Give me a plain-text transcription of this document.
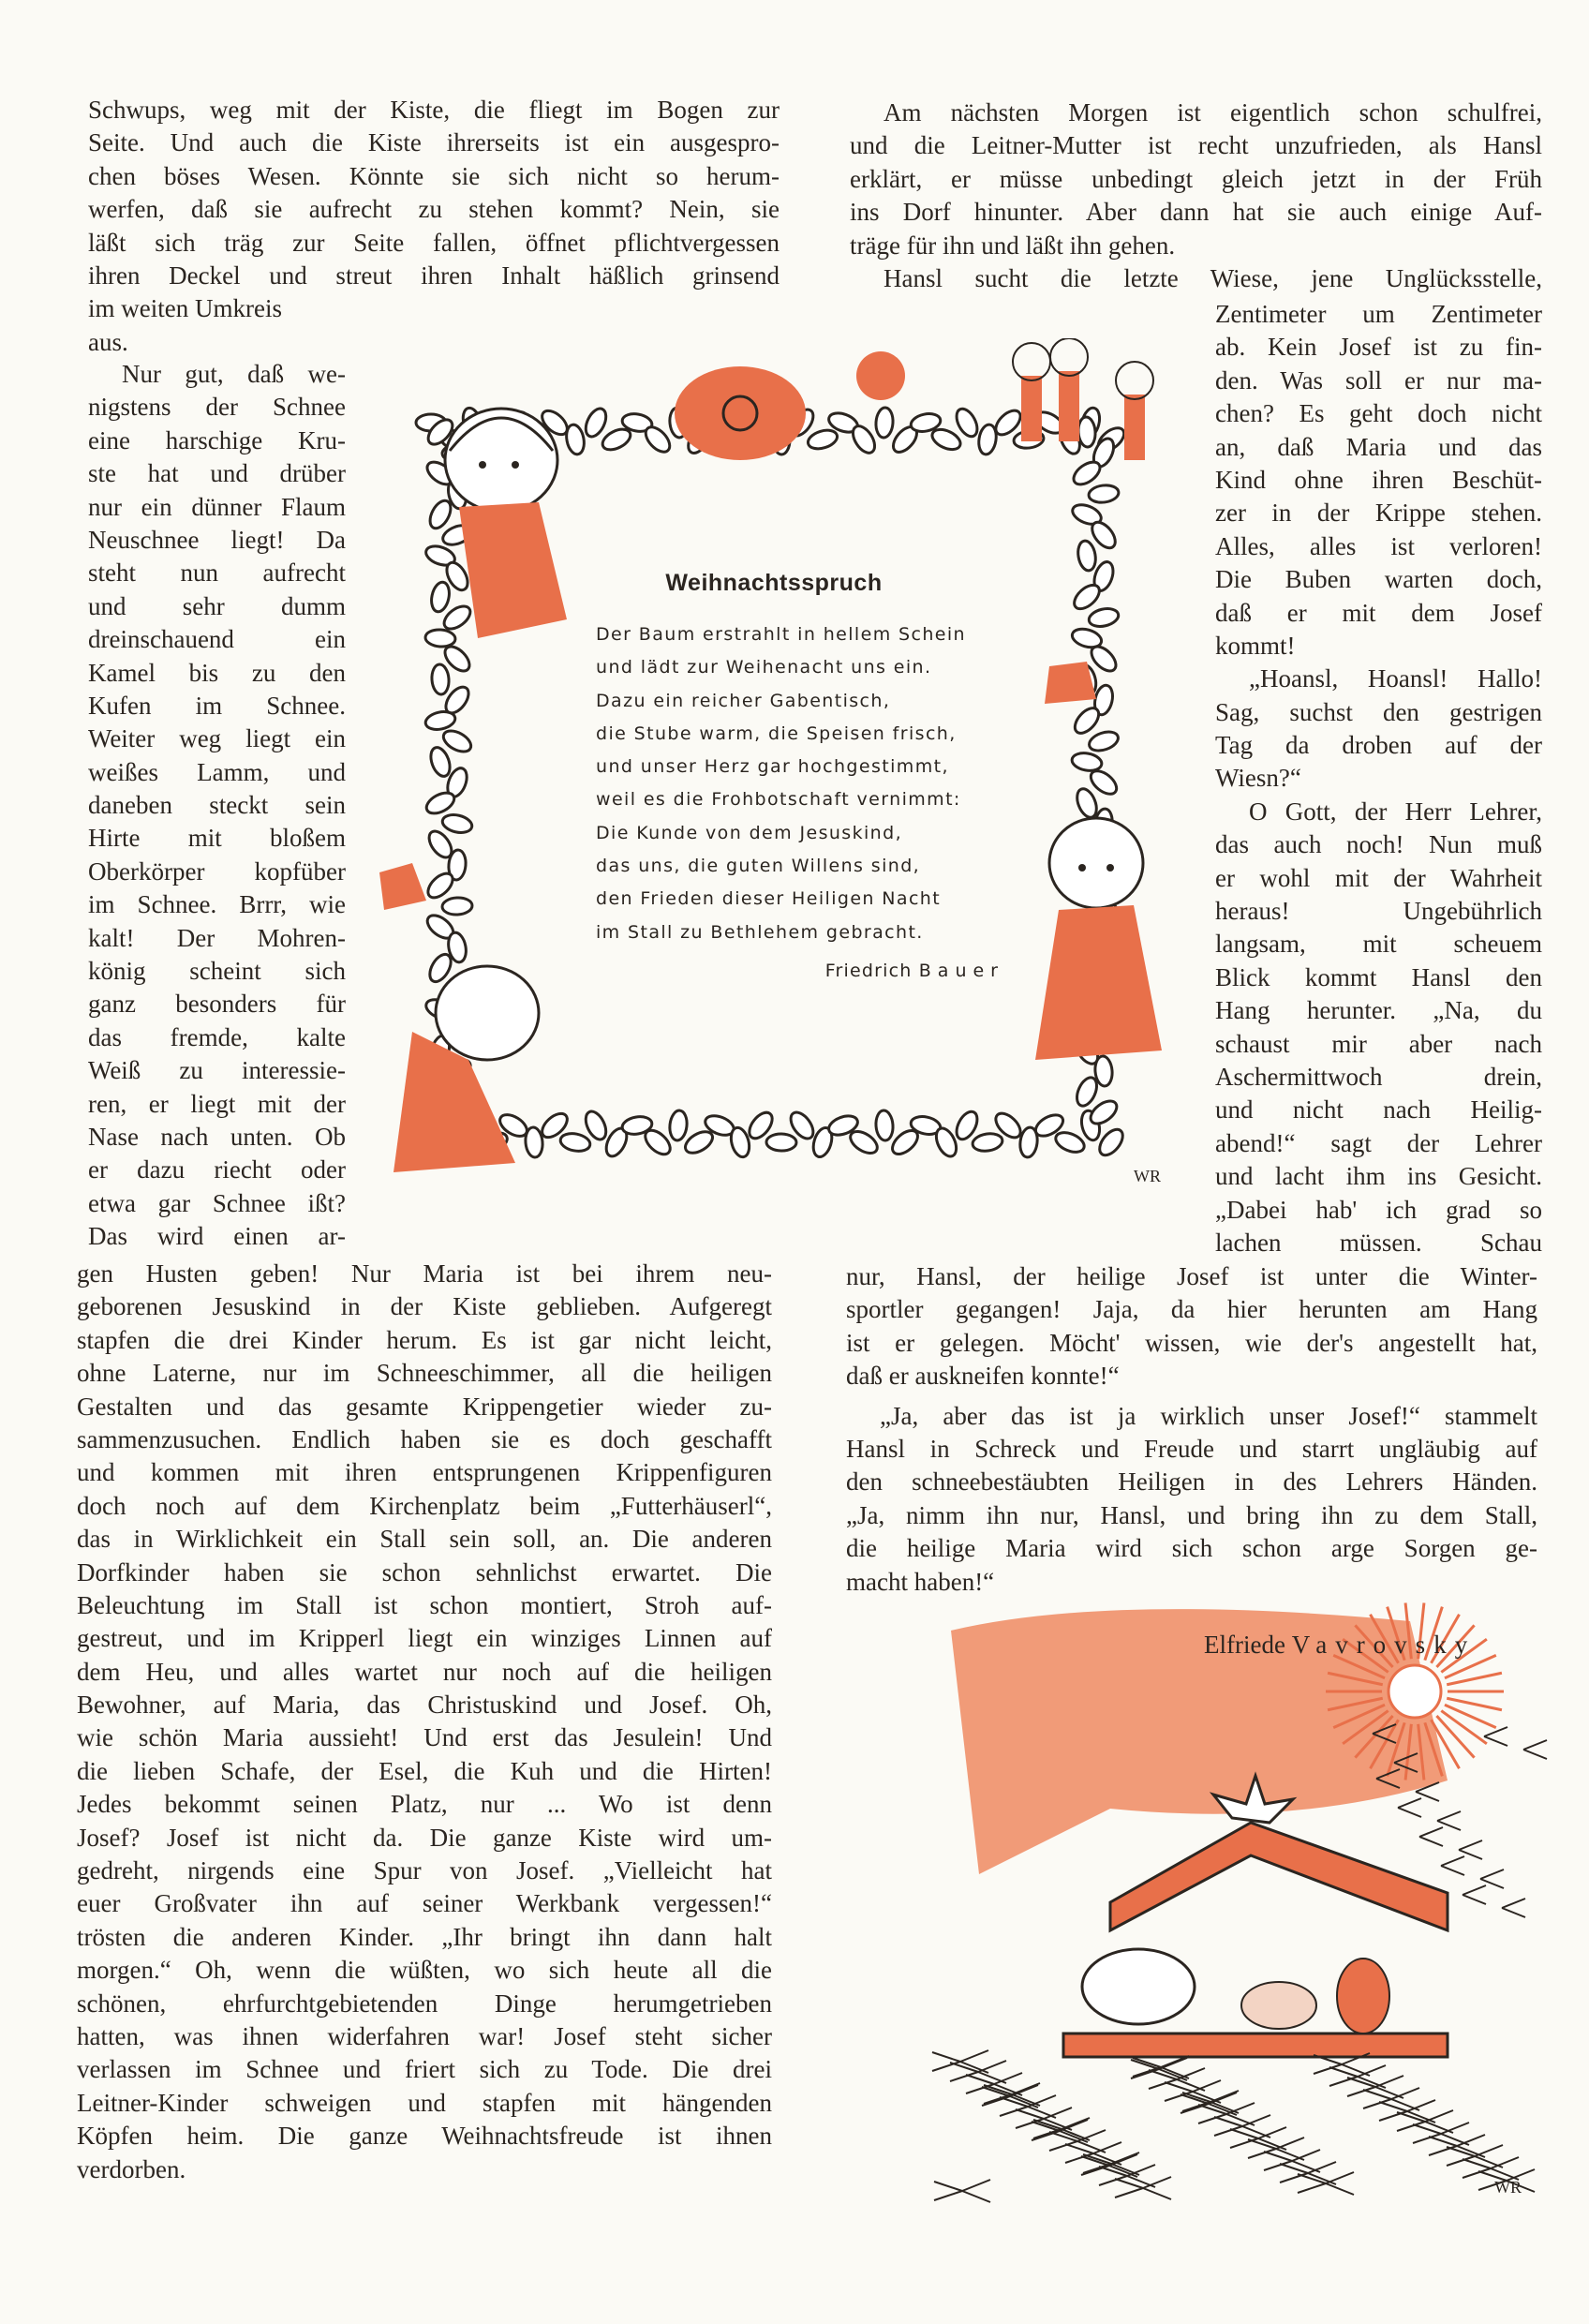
Schwups, weg mit der Kiste, die fliegt im Bogen zur
Seite. Und auch die Kiste ihrerseits ist ein ausgespro-
chen böses Wesen. Könnte sie sich nicht so herum-
werfen, daß sie aufrecht zu stehen kommt? Nein, sie
läßt sich träg zur Seite fallen, öffnet pflichtvergessen
ihren Deckel und streut ihren Inhalt häßlich grinsend
im weiten Umkreis
aus.
Nur gut, daß we-
nigstens der Schnee
eine harschige Kru-
ste hat und drüber
nur ein dünner Flaum
Neuschnee liegt! Da
steht nun aufrecht
und sehr dumm
dreinschauend ein
Kamel bis zu den
Kufen im Schnee.
Weiter weg liegt ein
weißes Lamm, und
daneben steckt sein
Hirte mit bloßem
Oberkörper kopfüber
im Schnee. Brrr, wie
kalt! Der Mohren-
könig scheint sich
ganz besonders für
das fremde, kalte
Weiß zu interessie-
ren, er liegt mit der
Nase nach unten. Ob
er dazu riecht oder
etwa gar Schnee ißt?
Das wird einen ar-
gen Husten geben! Nur Maria ist bei ihrem neu-
geborenen Jesuskind in der Kiste geblieben. Aufgeregt
stapfen die drei Kinder herum. Es ist gar nicht leicht,
ohne Laterne, nur im Schneeschimmer, all die heiligen
Gestalten und das gesamte Krippengetier wieder zu-
sammenzusuchen. Endlich haben sie es doch geschafft
und kommen mit ihren entsprungenen Krippenfiguren
doch noch auf dem Kirchenplatz beim „Futterhäuserl“,
das in Wirklichkeit ein Stall sein soll, an. Die anderen
Dorfkinder haben sie schon sehnlichst erwartet. Die
Beleuchtung im Stall ist schon montiert, Stroh auf-
gestreut, und im Kripperl liegt ein winziges Linnen auf
dem Heu, und alles wartet nur noch auf die heiligen
Bewohner, auf Maria, das Christuskind und Josef. Oh,
wie schön Maria aussieht! Und erst das Jesulein! Und
die lieben Schafe, der Esel, die Kuh und die Hirten!
Jedes bekommt seinen Platz, nur ... Wo ist denn
Josef? Josef ist nicht da. Die ganze Kiste wird um-
gedreht, nirgends eine Spur von Josef. „Vielleicht hat
euer Großvater ihn auf seiner Werkbank vergessen!“
trösten die anderen Kinder. „Ihr bringt ihn dann halt
morgen.“ Oh, wenn die wüßten, wo sich heute all die
schönen, ehrfurchtgebietenden Dinge herumgetrieben
hatten, was ihnen widerfahren war! Josef steht sicher
verlassen im Schnee und friert sich zu Tode. Die drei
Leitner-Kinder schweigen und stapfen mit hängenden
Köpfen heim. Die ganze Weihnachtsfreude ist ihnen
verdorben.
Am nächsten Morgen ist eigentlich schon schulfrei,
und die Leitner-Mutter ist recht unzufrieden, als Hansl
erklärt, er müsse unbedingt gleich jetzt in der Früh
ins Dorf hinunter. Aber dann hat sie auch einige Auf-
träge für ihn und läßt ihn gehen.
Hansl sucht die letzte Wiese, jene Unglücksstelle,
Zentimeter um Zentimeter
ab. Kein Josef ist zu fin-
den. Was soll er nur ma-
chen? Es geht doch nicht
an, daß Maria und das
Kind ohne ihren Beschüt-
zer in der Krippe stehen.
Alles, alles ist verloren!
Die Buben warten doch,
daß er mit dem Josef
kommt!
„Hoansl, Hoansl! Hallo!
Sag, suchst den gestrigen
Tag da droben auf der
Wiesn?“
O Gott, der Herr Lehrer,
das auch noch! Nun muß
er wohl mit der Wahrheit
heraus! Ungebührlich
langsam, mit scheuem
Blick kommt Hansl den
Hang herunter. „Na, du
schaust mir aber nach
Aschermittwoch drein,
und nicht nach Heilig-
abend!“ sagt der Lehrer
und lacht ihm ins Gesicht.
„Dabei hab' ich grad so
lachen müssen. Schau
nur, Hansl, der heilige Josef ist unter die Winter-
sportler gegangen! Jaja, da hier herunten am Hang
ist er gelegen. Möcht' wissen, wie der's angestellt hat,
daß er auskneifen konnte!“
„Ja, aber das ist ja wirklich unser Josef!“ stammelt
Hansl in Schreck und Freude und starrt ungläubig auf
den schneebestäubten Heiligen in des Lehrers Händen.
„Ja, nimm ihn nur, Hansl, und bring ihn zu dem Stall,
die heilige Maria wird sich schon arge Sorgen ge-
macht haben!“
WR
Weihnachtsspruch
Der Baum erstrahlt in hellem Schein
und lädt zur Weihenacht uns ein.
Dazu ein reicher Gabentisch,
die Stube warm, die Speisen frisch,
und unser Herz gar hochgestimmt,
weil es die Frohbotschaft vernimmt:
Die Kunde von dem Jesuskind,
das uns, die guten Willens sind,
den Frieden dieser Heiligen Nacht
im Stall zu Bethlehem gebracht.
Friedrich Bauer
WR
Elfriede Vavrovsky
